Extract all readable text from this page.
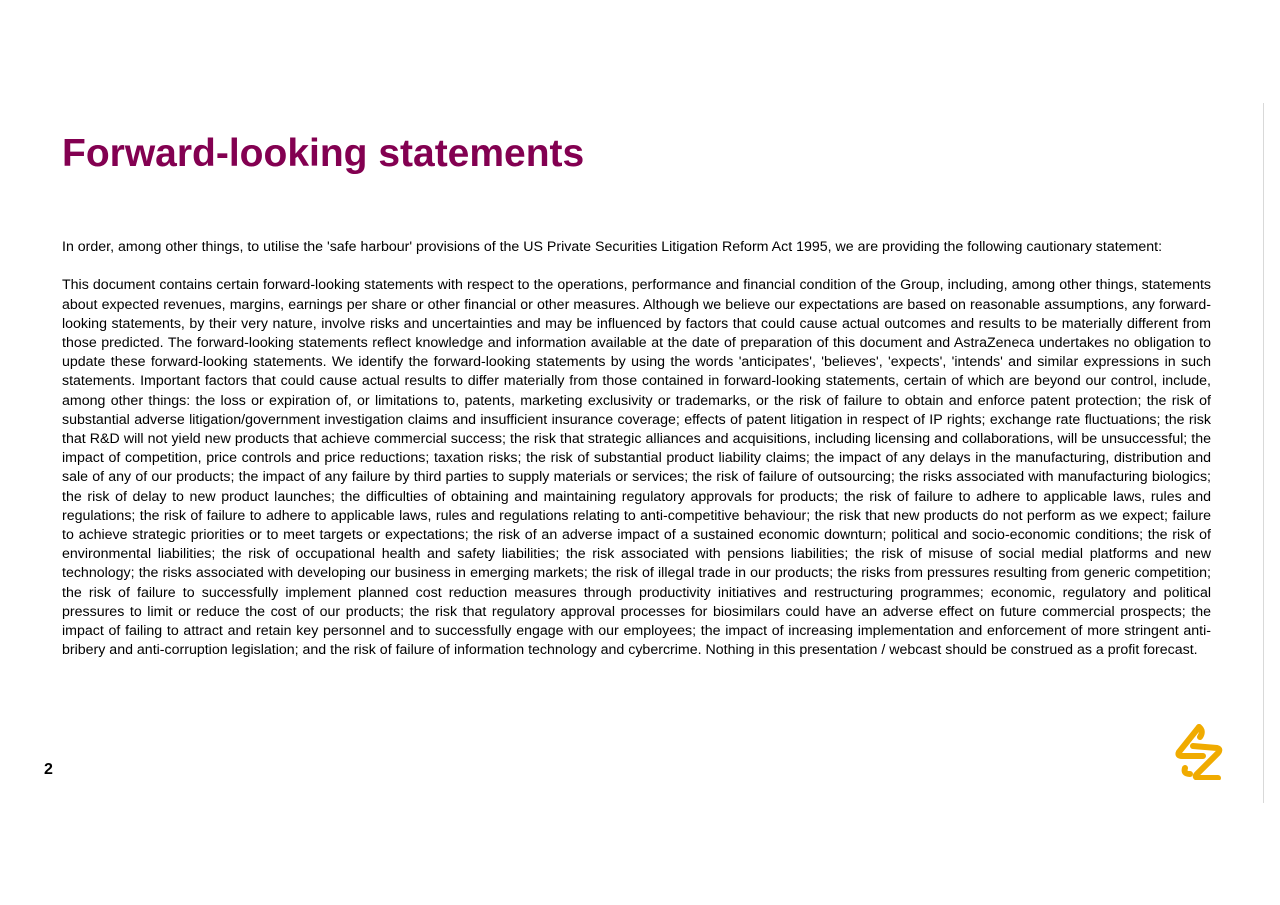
Forward-looking statements

In order, among other things, to utilise the 'safe harbour' provisions of the US Private Securities Litigation Reform Act 1995, we are providing the following cautionary statement:

This document contains certain forward-looking statements with respect to the operations, performance and financial condition of the Group, including, among other things, statements about expected revenues, margins, earnings per share or other financial or other measures. Although we believe our expectations are based on reasonable assumptions, any forward-looking statements, by their very nature, involve risks and uncertainties and may be influenced by factors that could cause actual outcomes and results to be materially different from those predicted. The forward-looking statements reflect knowledge and information available at the date of preparation of this document and AstraZeneca undertakes no obligation to update these forward-looking statements. We identify the forward-looking statements by using the words 'anticipates', 'believes', 'expects', 'intends' and similar expressions in such statements. Important factors that could cause actual results to differ materially from those contained in forward-looking statements, certain of which are beyond our control, include, among other things: the loss or expiration of, or limitations to, patents, marketing exclusivity or trademarks, or the risk of failure to obtain and enforce patent protection; the risk of substantial adverse litigation/government investigation claims and insufficient insurance coverage; effects of patent litigation in respect of IP rights; exchange rate fluctuations; the risk that R&D will not yield new products that achieve commercial success; the risk that strategic alliances and acquisitions, including licensing and collaborations, will be unsuccessful; the impact of competition, price controls and price reductions; taxation risks; the risk of substantial product liability claims; the impact of any delays in the manufacturing, distribution and sale of any of our products; the impact of any failure by third parties to supply materials or services; the risk of failure of outsourcing; the risks associated with manufacturing biologics; the risk of delay to new product launches; the difficulties of obtaining and maintaining regulatory approvals for products; the risk of failure to adhere to applicable laws, rules and regulations; the risk of failure to adhere to applicable laws, rules and regulations relating to anti-competitive behaviour; the risk that new products do not perform as we expect; failure to achieve strategic priorities or to meet targets or expectations; the risk of an adverse impact of a sustained economic downturn; political and socio-economic conditions; the risk of environmental liabilities; the risk of occupational health and safety liabilities; the risk associated with pensions liabilities; the risk of misuse of social medial platforms and new technology; the risks associated with developing our business in emerging markets; the risk of illegal trade in our products; the risks from pressures resulting from generic competition; the risk of failure to successfully implement planned cost reduction measures through productivity initiatives and restructuring programmes; economic, regulatory and political pressures to limit or reduce the cost of our products; the risk that regulatory approval processes for biosimilars could have an adverse effect on future commercial prospects; the impact of failing to attract and retain key personnel and to successfully engage with our employees; the impact of increasing implementation and enforcement of more stringent anti-bribery and anti-corruption legislation; and the risk of failure of information technology and cybercrime. Nothing in this presentation / webcast should be construed as a profit forecast.

2
